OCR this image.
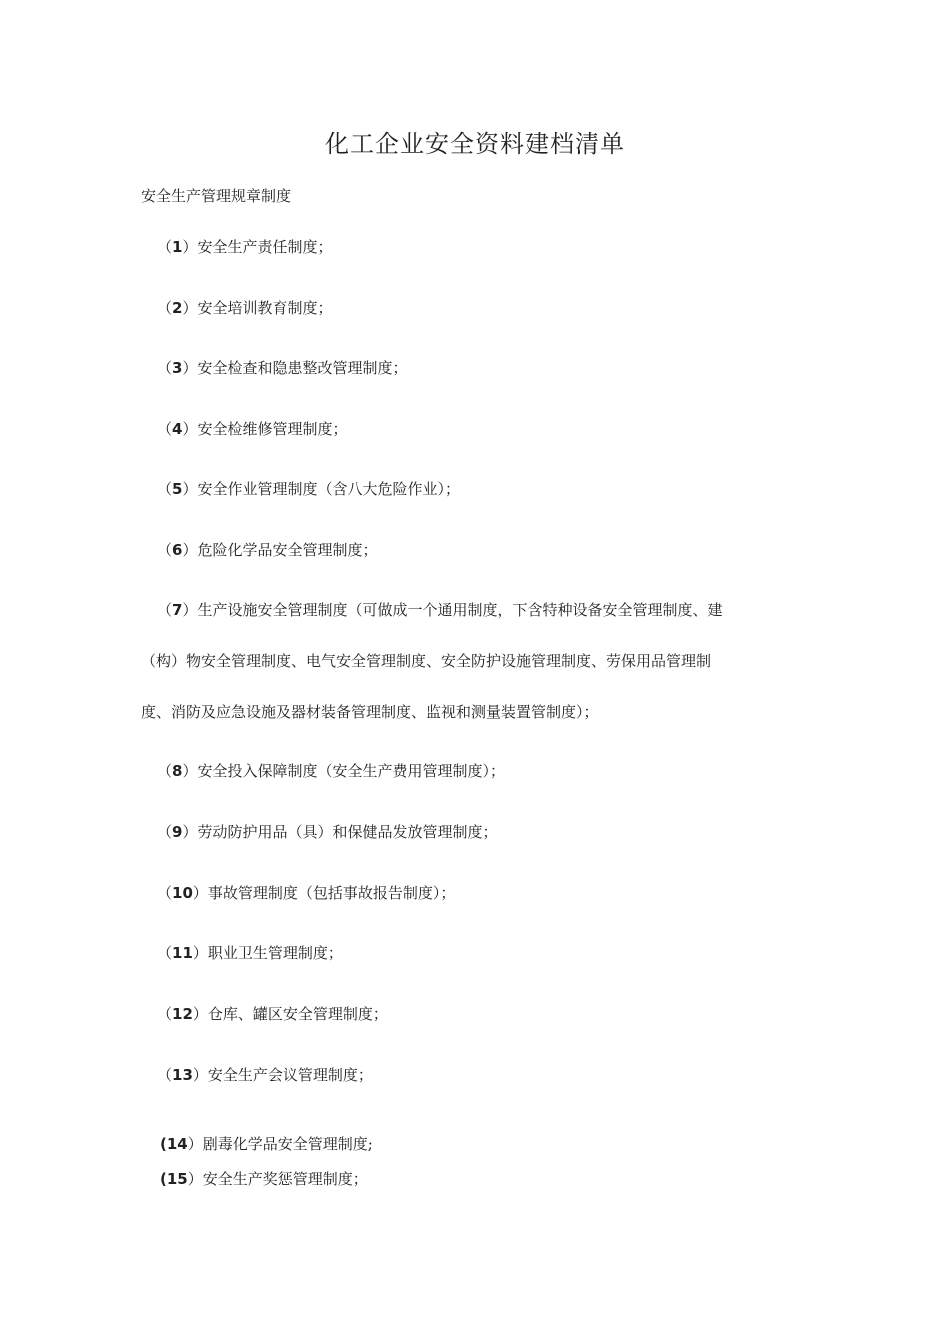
化工企业安全资料建档清单
安全生产管理规章制度
（1）安全生产责任制度；
（2）安全培训教育制度；
（3）安全检查和隐患整改管理制度；
（4）安全检维修管理制度；
（5）安全作业管理制度（含八大危险作业）；
（6）危险化学品安全管理制度；
（7）生产设施安全管理制度（可做成一个通用制度，下含特种设备安全管理制度、建
（构）物安全管理制度、电气安全管理制度、安全防护设施管理制度、劳保用品管理制
度、消防及应急设施及器材装备管理制度、监视和测量装置管制度）；
（8）安全投入保障制度（安全生产费用管理制度）；
（9）劳动防护用品（具）和保健品发放管理制度；
（10）事故管理制度（包括事故报告制度）；
（11）职业卫生管理制度；
（12）仓库、罐区安全管理制度；
（13）安全生产会议管理制度；
(14）剧毒化学品安全管理制度;
(15）安全生产奖惩管理制度；
